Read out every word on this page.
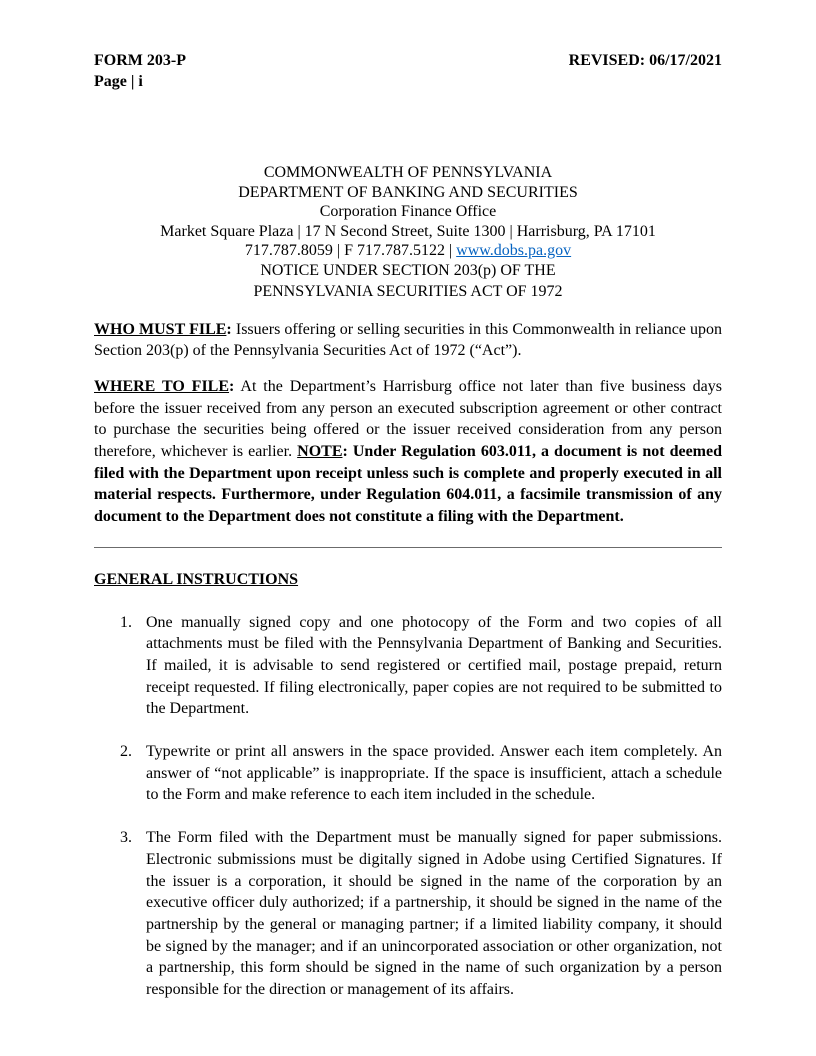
FORM 203-P	REVISED: 06/17/2021
Page | i
COMMONWEALTH OF PENNSYLVANIA
DEPARTMENT OF BANKING AND SECURITIES
Corporation Finance Office
Market Square Plaza | 17 N Second Street, Suite 1300 | Harrisburg, PA 17101
717.787.8059 | F 717.787.5122 | www.dobs.pa.gov
NOTICE UNDER SECTION 203(p) OF THE
PENNSYLVANIA SECURITIES ACT OF 1972

WHO MUST FILE: Issuers offering or selling securities in this Commonwealth in reliance upon Section 203(p) of the Pennsylvania Securities Act of 1972 (“Act”).

WHERE TO FILE: At the Department’s Harrisburg office not later than five business days before the issuer received from any person an executed subscription agreement or other contract to purchase the securities being offered or the issuer received consideration from any person therefore, whichever is earlier. NOTE: Under Regulation 603.011, a document is not deemed filed with the Department upon receipt unless such is complete and properly executed in all material respects. Furthermore, under Regulation 604.011, a facsimile transmission of any document to the Department does not constitute a filing with the Department.

GENERAL INSTRUCTIONS
1. One manually signed copy and one photocopy of the Form and two copies of all attachments must be filed with the Pennsylvania Department of Banking and Securities. If mailed, it is advisable to send registered or certified mail, postage prepaid, return receipt requested. If filing electronically, paper copies are not required to be submitted to the Department.

2. Typewrite or print all answers in the space provided. Answer each item completely. An answer of “not applicable” is inappropriate. If the space is insufficient, attach a schedule to the Form and make reference to each item included in the schedule.

3. The Form filed with the Department must be manually signed for paper submissions. Electronic submissions must be digitally signed in Adobe using Certified Signatures. If the issuer is a corporation, it should be signed in the name of the corporation by an executive officer duly authorized; if a partnership, it should be signed in the name of the partnership by the general or managing partner; if a limited liability company, it should be signed by the manager; and if an unincorporated association or other organization, not a partnership, this form should be signed in the name of such organization by a person responsible for the direction or management of its affairs.
